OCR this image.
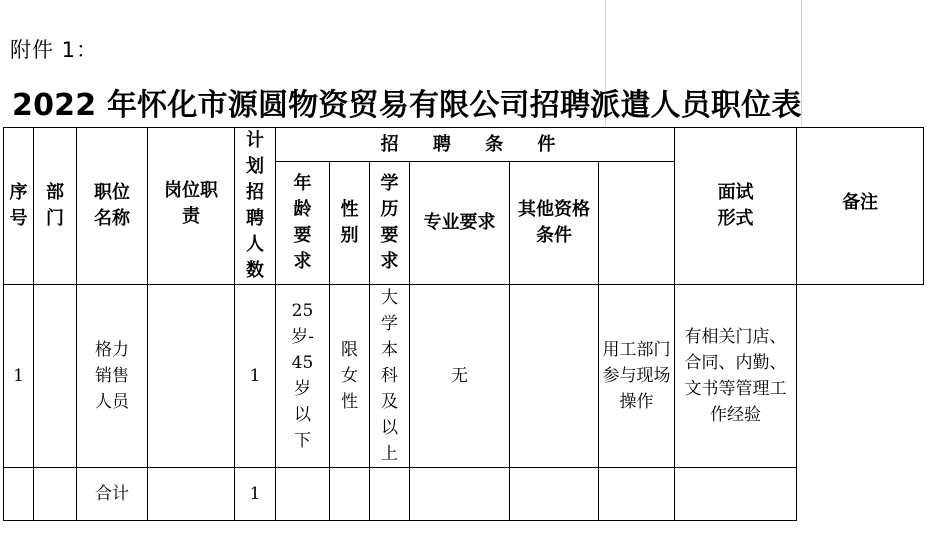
附件 1：
2022 年怀化市源圆物资贸易有限公司招聘派遣人员职位表
序号	部门	职位名称	岗位职责	计划招聘人数	招 聘 条 件						面试形式	备注
					年龄要求	性别	学历要求	专业要求	其他资格条件			
1		格力销售人员		1	25岁-45岁以下	限女性	大学本科及以上	无		用工部门参与现场操作	有相关门店、合同、内勤、文书等管理工作经验	
		合计		1							
